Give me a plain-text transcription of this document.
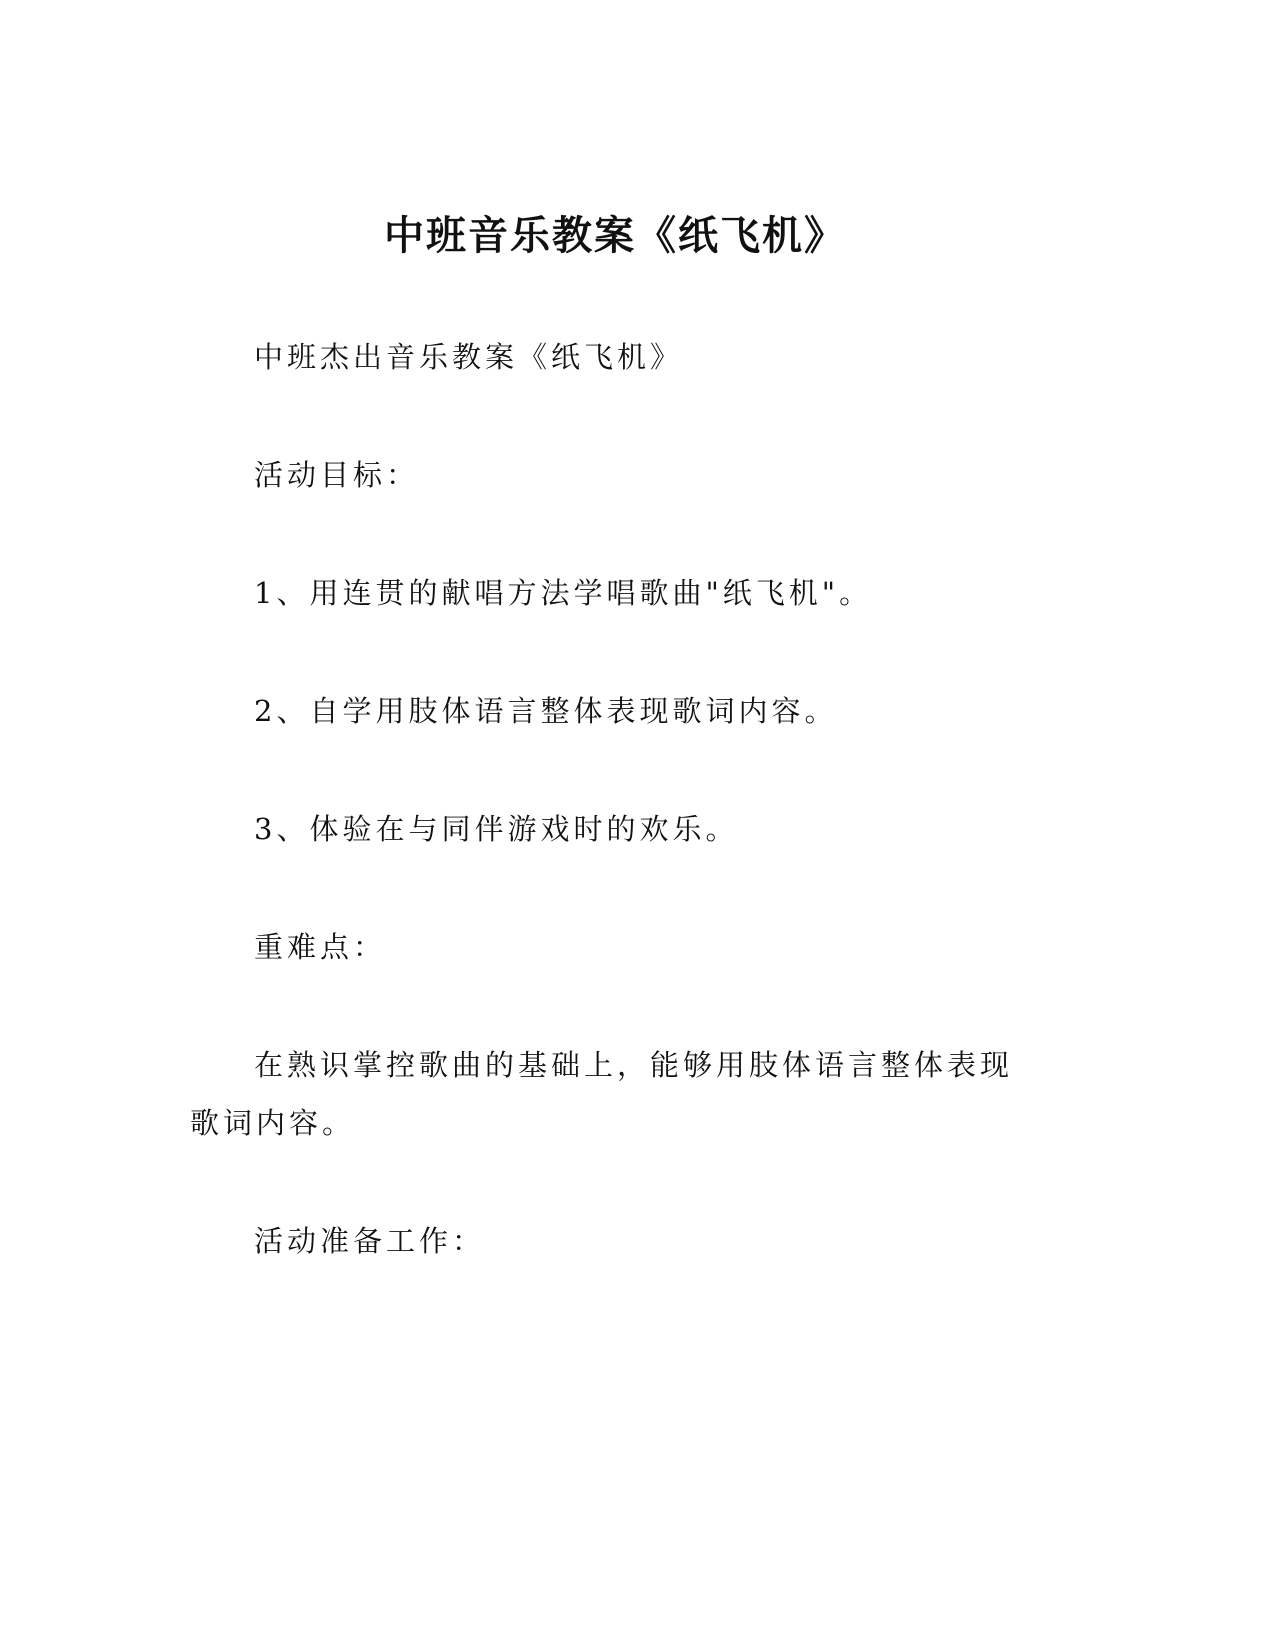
中班音乐教案《纸飞机》

中班杰出音乐教案《纸飞机》

活动目标：

1、用连贯的献唱方法学唱歌曲"纸飞机"。

2、自学用肢体语言整体表现歌词内容。

3、体验在与同伴游戏时的欢乐。

重难点：

在熟识掌控歌曲的基础上，能够用肢体语言整体表现歌词内容。

活动准备工作：
